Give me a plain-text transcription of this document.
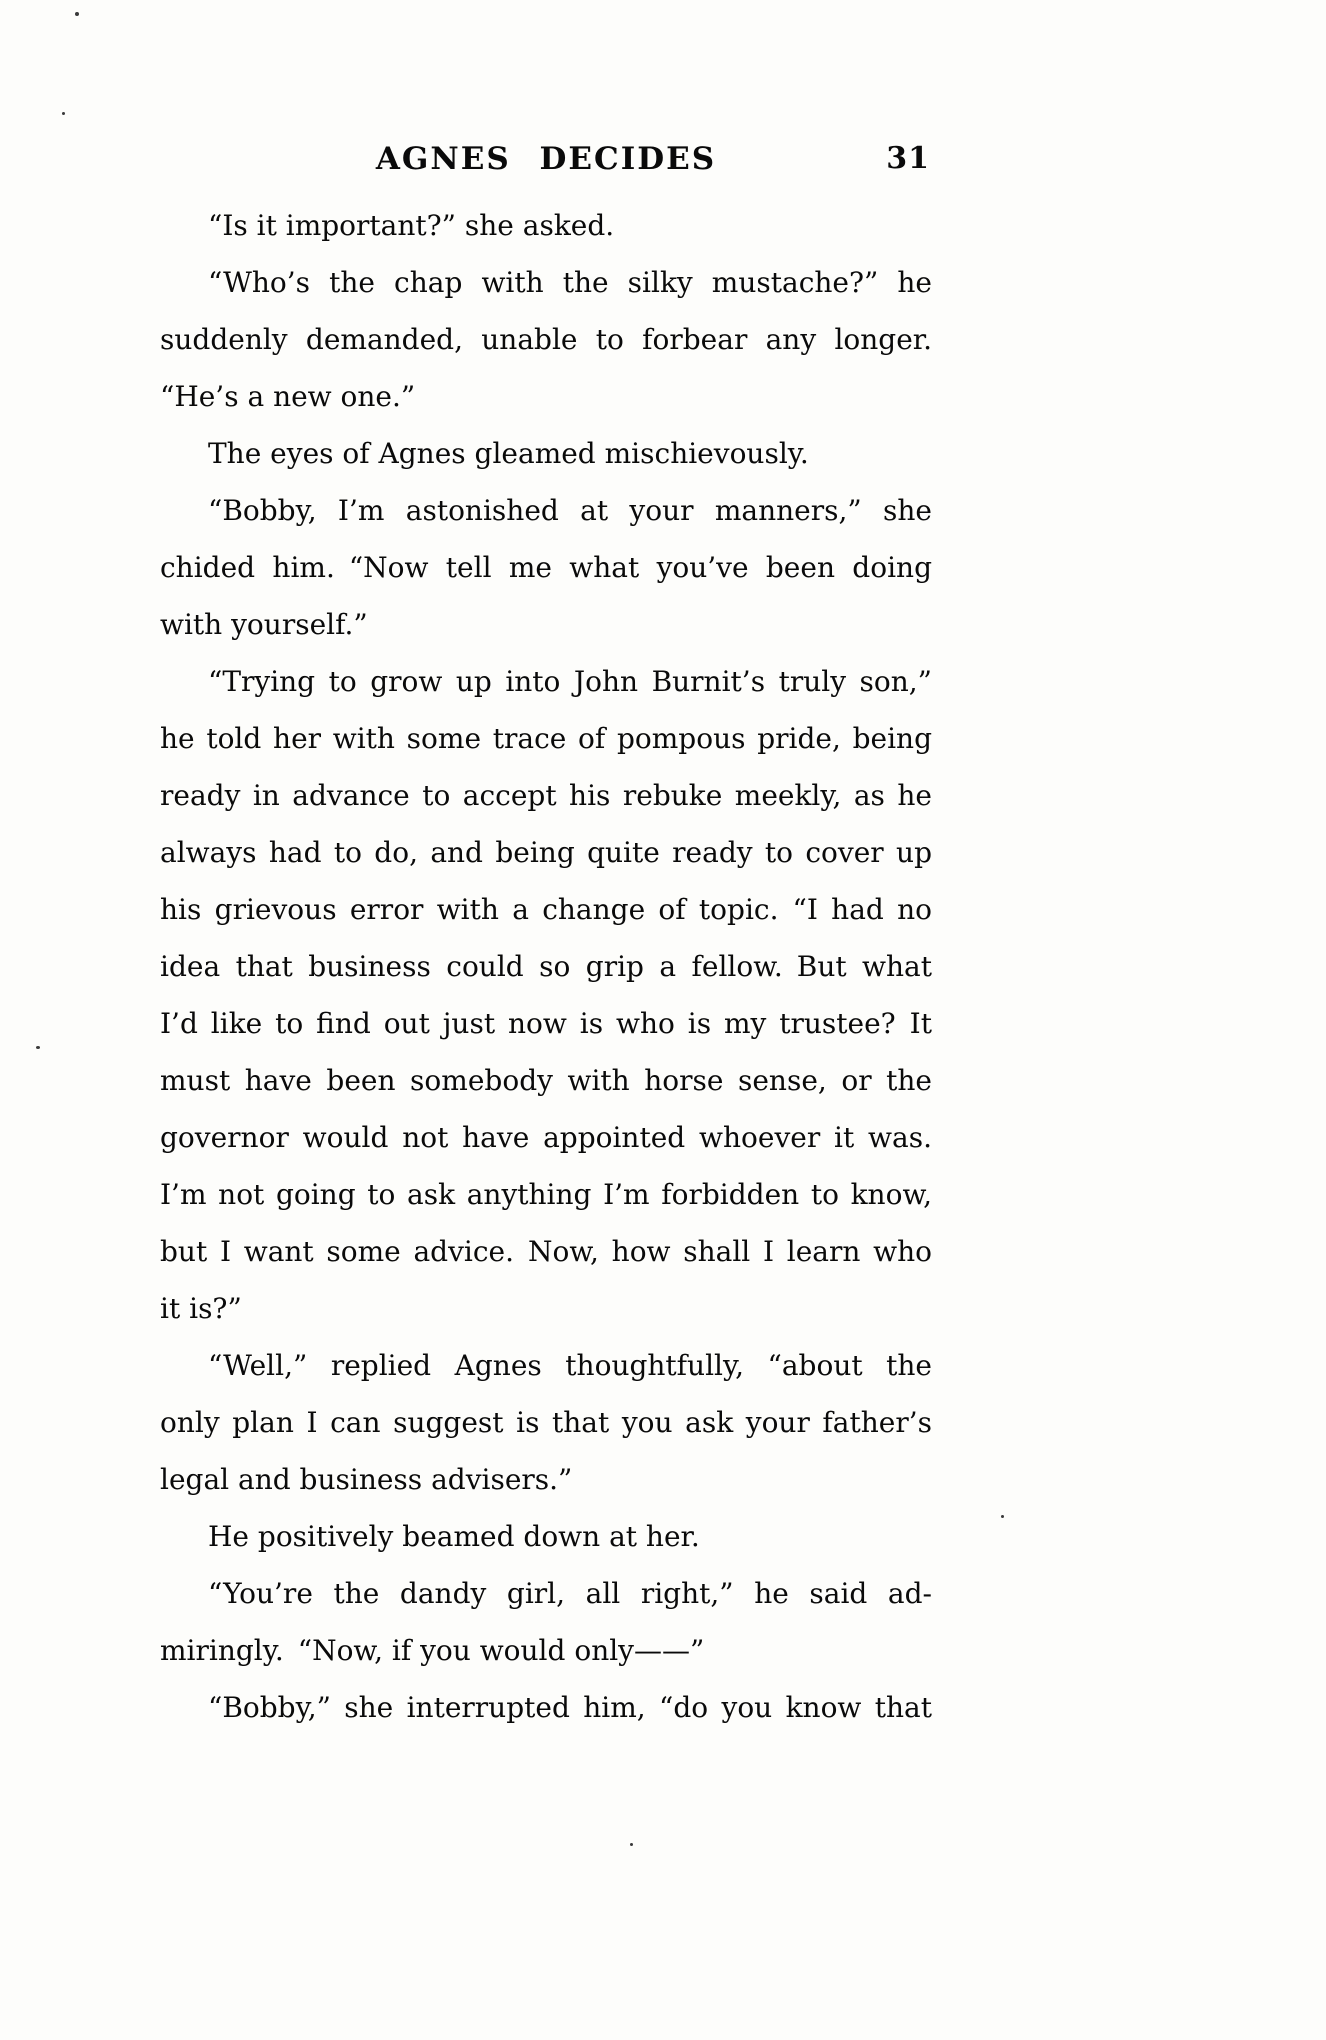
AGNES DECIDES	31
“Is it important?” she asked.
“Who’s the chap with the silky mustache?” he
suddenly demanded, unable to forbear any longer.
“He’s a new one.”
The eyes of Agnes gleamed mischievously.
“Bobby, I’m astonished at your manners,” she
chided him. “Now tell me what you’ve been doing
with yourself.”
“Trying to grow up into John Burnit’s truly son,”
he told her with some trace of pompous pride, being
ready in advance to accept his rebuke meekly, as he
always had to do, and being quite ready to cover up
his grievous error with a change of topic. “I had no
idea that business could so grip a fellow. But what
I’d like to find out just now is who is my trustee? It
must have been somebody with horse sense, or the
governor would not have appointed whoever it was.
I’m not going to ask anything I’m forbidden to know,
but I want some advice. Now, how shall I learn who
it is?”
“Well,” replied Agnes thoughtfully, “about the
only plan I can suggest is that you ask your father’s
legal and business advisers.”
He positively beamed down at her.
“You’re the dandy girl, all right,” he said ad-
miringly. “Now, if you would only——”
“Bobby,” she interrupted him, “do you know that
